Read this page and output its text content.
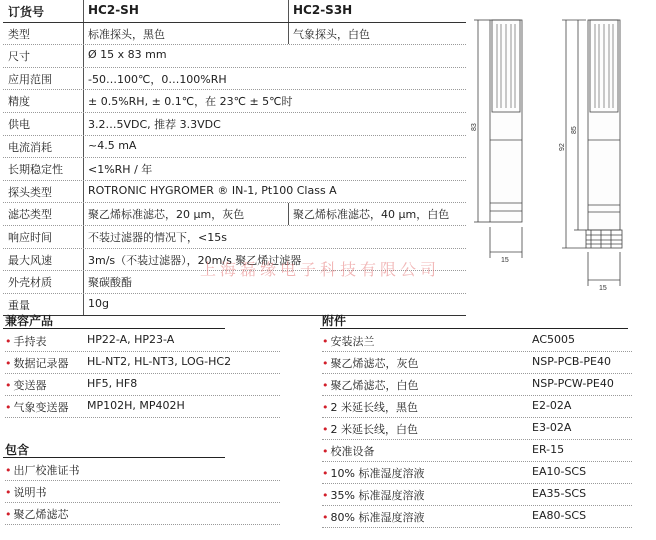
订货号	HC2-SH	HC2-S3H
类型	标准探头，黑色	气象探头，白色
尺寸	Ø 15 x 83 mm
应用范围	-50…100℃，0…100%RH
精度	± 0.5%RH, ± 0.1℃，在 23℃ ± 5℃时
供电	3.2…5VDC, 推荐 3.3VDC
电流消耗	~4.5 mA
长期稳定性 <1%RH / 年
探头类型	ROTRONIC HYGROMER ® IN-1, Pt100 Class A
滤芯类型	聚乙烯标准滤芯，20 μm，灰色	聚乙烯标准滤芯，40 μm，白色
响应时间	不装过滤器的情况下，<15s
最大风速	3m/s（不装过滤器），20m/s 聚乙烯过滤器
外壳材质	聚碳酸酯
重量	10g
上海磊缘电子科技有限公司
兼容产品
• 手持表	HP22-A, HP23-A
• 数据记录器 HL-NT2, HL-NT3, LOG-HC2
• 变送器	HF5, HF8
• 气象变送器 MP102H, MP402H
包含
• 出厂校准证书
• 说明书
• 聚乙烯滤芯
附件
• 安装法兰	AC5005
• 聚乙烯滤芯，灰色	NSP-PCB-PE40
• 聚乙烯滤芯，白色	NSP-PCW-PE40
• 2 米延长线，黑色	E2-02A
• 2 米延长线，白色	E3-02A
• 校准设备	ER-15
• 10% 标准湿度溶液	EA10-SCS
• 35% 标准湿度溶液	EA35-SCS
• 80% 标准湿度溶液	EA80-SCS
83
15
92
85
15
